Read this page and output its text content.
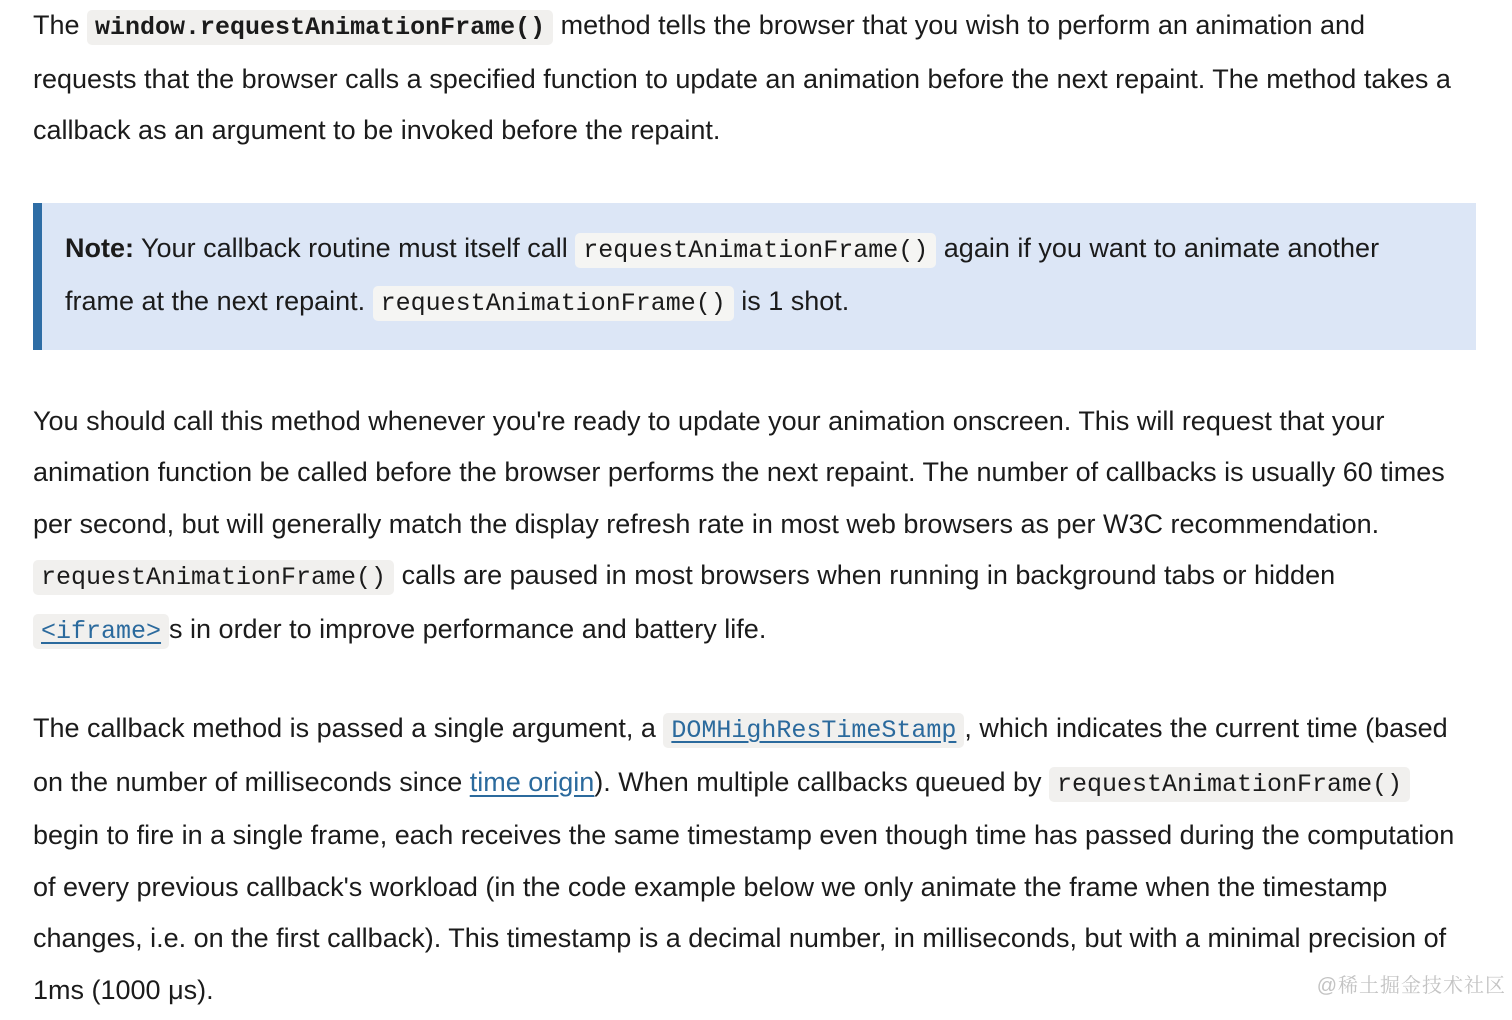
The window.requestAnimationFrame() method tells the browser that you wish to perform an animation and requests that the browser calls a specified function to update an animation before the next repaint. The method takes a callback as an argument to be invoked before the repaint.

Note: Your callback routine must itself call requestAnimationFrame() again if you want to animate another frame at the next repaint. requestAnimationFrame() is 1 shot.

You should call this method whenever you're ready to update your animation onscreen. This will request that your animation function be called before the browser performs the next repaint. The number of callbacks is usually 60 times per second, but will generally match the display refresh rate in most web browsers as per W3C recommendation. requestAnimationFrame() calls are paused in most browsers when running in background tabs or hidden <iframe> s in order to improve performance and battery life.

The callback method is passed a single argument, a DOMHighResTimeStamp , which indicates the current time (based on the number of milliseconds since time origin). When multiple callbacks queued by requestAnimationFrame() begin to fire in a single frame, each receives the same timestamp even though time has passed during the computation of every previous callback's workload (in the code example below we only animate the frame when the timestamp changes, i.e. on the first callback). This timestamp is a decimal number, in milliseconds, but with a minimal precision of 1ms (1000 μs).	@稀土掘金技术社区
